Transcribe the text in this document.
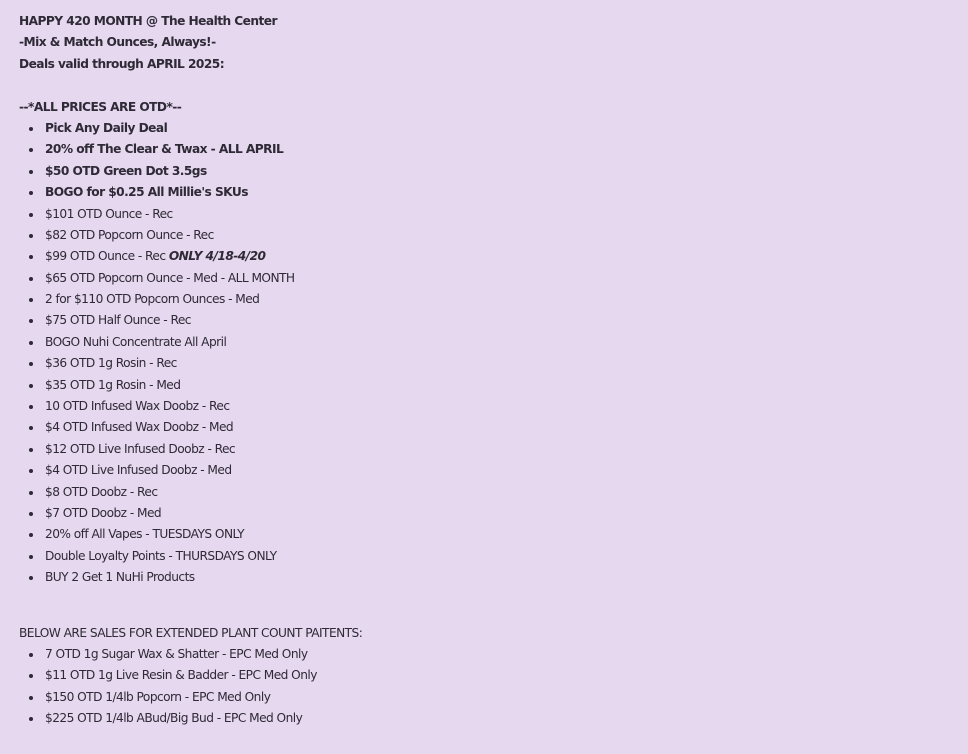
HAPPY 420 MONTH @ The Health Center
-Mix & Match Ounces, Always!-
Deals valid through APRIL 2025:
--*ALL PRICES ARE OTD*--
Pick Any Daily Deal
20% off The Clear & Twax - ALL APRIL
$50 OTD Green Dot 3.5gs
BOGO for $0.25 All Millie's SKUs
$101 OTD Ounce - Rec
$82 OTD Popcorn Ounce - Rec
$99 OTD Ounce - Rec ONLY 4/18-4/20
$65 OTD Popcorn Ounce - Med - ALL MONTH
2 for $110 OTD Popcorn Ounces - Med
$75 OTD Half Ounce - Rec
BOGO Nuhi Concentrate All April
$36 OTD 1g Rosin - Rec
$35 OTD 1g Rosin - Med
10 OTD Infused Wax Doobz - Rec
$4 OTD Infused Wax Doobz - Med
$12 OTD Live Infused Doobz - Rec
$4 OTD Live Infused Doobz - Med
$8 OTD Doobz - Rec
$7 OTD Doobz - Med
20% off All Vapes - TUESDAYS ONLY
Double Loyalty Points - THURSDAYS ONLY
BUY 2 Get 1 NuHi Products
BELOW ARE SALES FOR EXTENDED PLANT COUNT PAITENTS:
7 OTD 1g Sugar Wax & Shatter - EPC Med Only
$11 OTD 1g Live Resin & Badder - EPC Med Only
$150 OTD 1/4lb Popcorn - EPC Med Only
$225 OTD 1/4lb ABud/Big Bud - EPC Med Only
